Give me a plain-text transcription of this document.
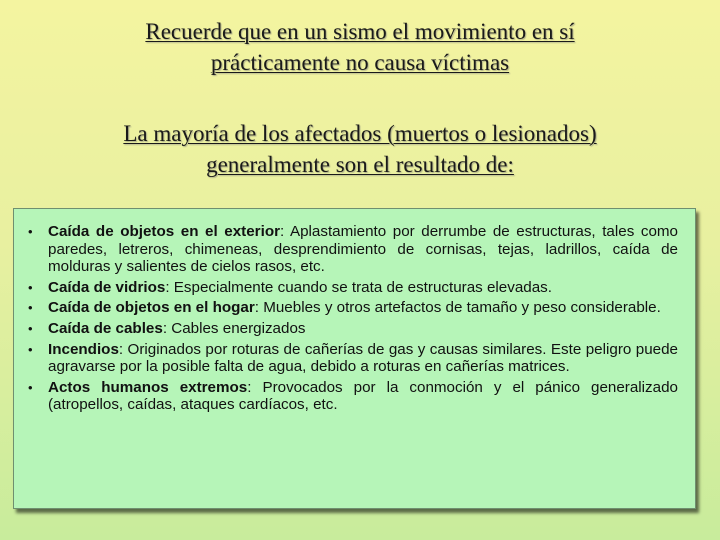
Recuerde que en un sismo el movimiento en sí
prácticamente no causa víctimas
La mayoría de los afectados (muertos o lesionados)
generalmente son el resultado de:
• Caída de objetos en el exterior: Aplastamiento por derrumbe de estructuras, tales como paredes, letreros, chimeneas, desprendimiento de cornisas, tejas, ladrillos, caída de molduras y salientes de cielos rasos, etc.
• Caída de vidrios: Especialmente cuando se trata de estructuras elevadas.
• Caída de objetos en el hogar: Muebles y otros artefactos de tamaño y peso considerable.
• Caída de cables: Cables energizados
• Incendios: Originados por roturas de cañerías de gas y causas similares. Este peligro puede agravarse por la posible falta de agua, debido a roturas en cañerías matrices.
• Actos humanos extremos: Provocados por la conmoción y el pánico generalizado (atropellos, caídas, ataques cardíacos, etc.
